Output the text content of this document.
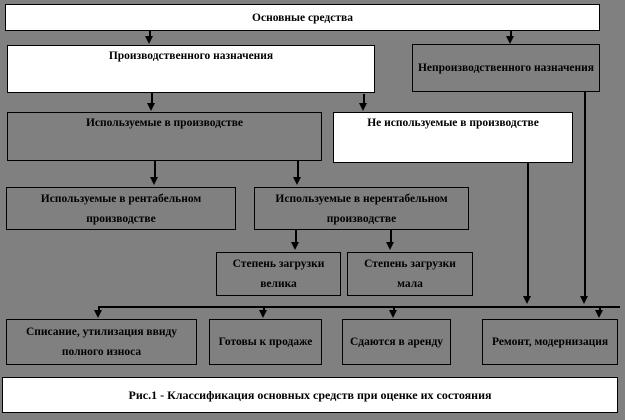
Основные средства
Производственного назначения
Непроизводственного назначения
Используемые в производстве	Не используемые в производстве
Используемые в рентабельном производстве
Используемые в нерентабельном производстве
Степень загрузки велика
Степень загрузки мала
Списание, утилизация ввиду полного износа
Готовы к продаже	Сдаются в аренду	Ремонт, модернизация
Рис.1 - Классификация основных средств при оценке их состояния
